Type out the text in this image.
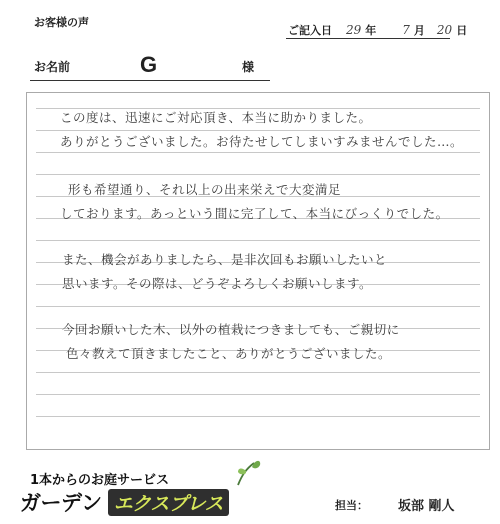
お客様の声
ご記入日 29 年 7 月 20 日
お名前	G	様
この度は、迅速にご対応頂き、本当に助かりました。
ありがとうございました。お待たせしてしまいすみませんでした…。
形も希望通り、それ以上の出来栄えで大変満足
しております。あっという間に完了して、本当にびっくりでした。
また、機会がありましたら、是非次回もお願いしたいと
思います。その際は、どうぞよろしくお願いします。
今回お願いした木、以外の植栽につきましても、ご親切に
色々教えて頂きましたこと、ありがとうございました。
1本からのお庭サービス
ガーデン エクスプレス	担当： 坂部 剛人
